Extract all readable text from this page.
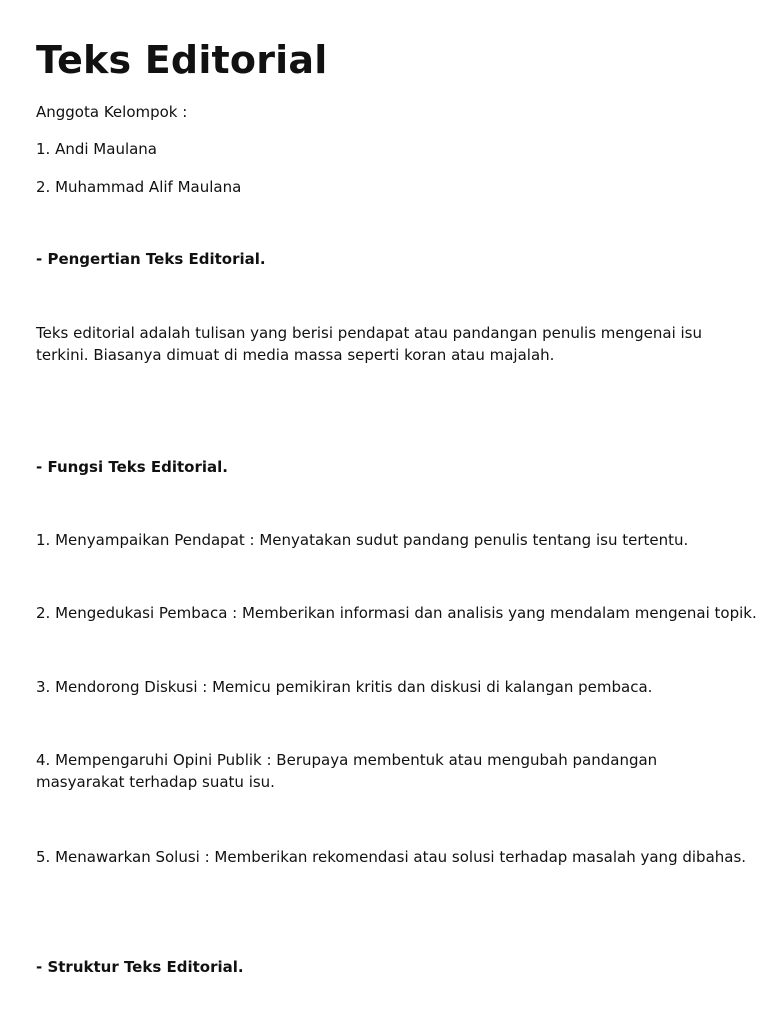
Teks Editorial

Anggota Kelompok :

1. Andi Maulana

2. Muhammad Alif Maulana

- Pengertian Teks Editorial.

Teks editorial adalah tulisan yang berisi pendapat atau pandangan penulis mengenai isu terkini. Biasanya dimuat di media massa seperti koran atau majalah.

- Fungsi Teks Editorial.

1. Menyampaikan Pendapat : Menyatakan sudut pandang penulis tentang isu tertentu.

2. Mengedukasi Pembaca : Memberikan informasi dan analisis yang mendalam mengenai topik.

3. Mendorong Diskusi : Memicu pemikiran kritis dan diskusi di kalangan pembaca.

4. Mempengaruhi Opini Publik : Berupaya membentuk atau mengubah pandangan masyarakat terhadap suatu isu.

5. Menawarkan Solusi : Memberikan rekomendasi atau solusi terhadap masalah yang dibahas.

- Struktur Teks Editorial.
